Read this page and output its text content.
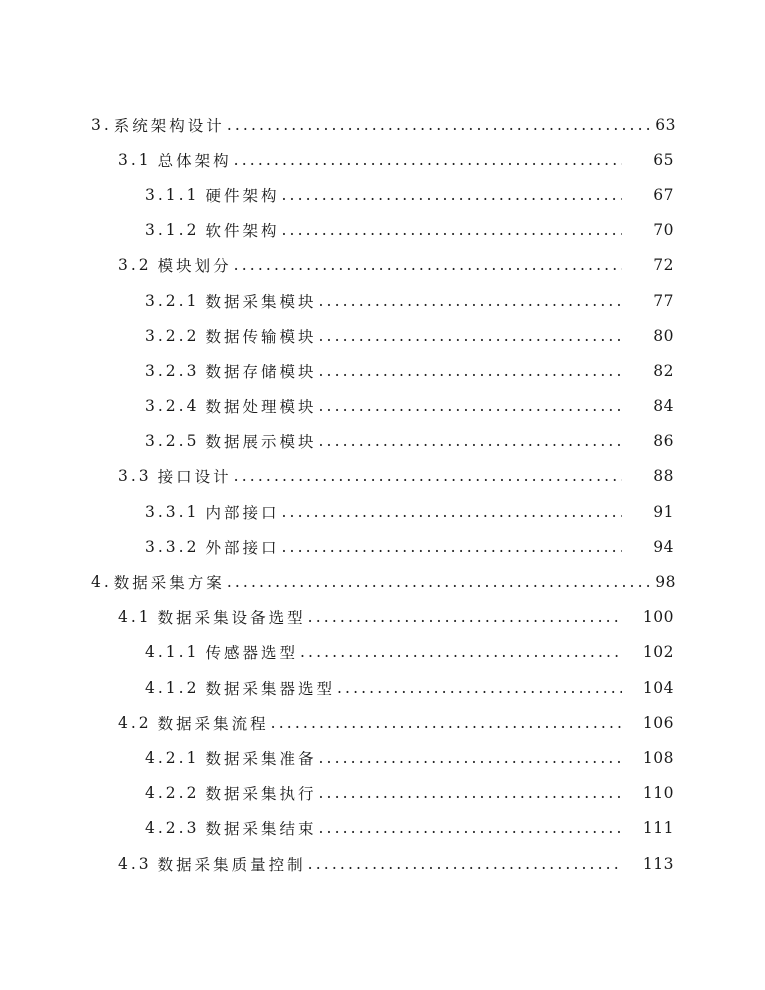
3. 系统架构设计 . . .	63
3.1 总体架构 . . .	65
3.1.1 硬件架构 . . .	67
3.1.2 软件架构 . . .	70
3.2 模块划分 . . .	72
3.2.1 数据采集模块 . . .	77
3.2.2 数据传输模块 . . .	80
3.2.3 数据存储模块 . . .	82
3.2.4 数据处理模块 . . .	84
3.2.5 数据展示模块 . . .	86
3.3 接口设计 . . .	88
3.3.1 内部接口 . . .	91
3.3.2 外部接口 . . .	94
4. 数据采集方案 . . .	98
4.1 数据采集设备选型 . . .	100
4.1.1 传感器选型 . . .	102
4.1.2 数据采集器选型 . . .	104
4.2 数据采集流程 . . .	106
4.2.1 数据采集准备 . . .	108
4.2.2 数据采集执行 . . .	110
4.2.3 数据采集结束 . . .	111
4.3 数据采集质量控制 . . .	113
